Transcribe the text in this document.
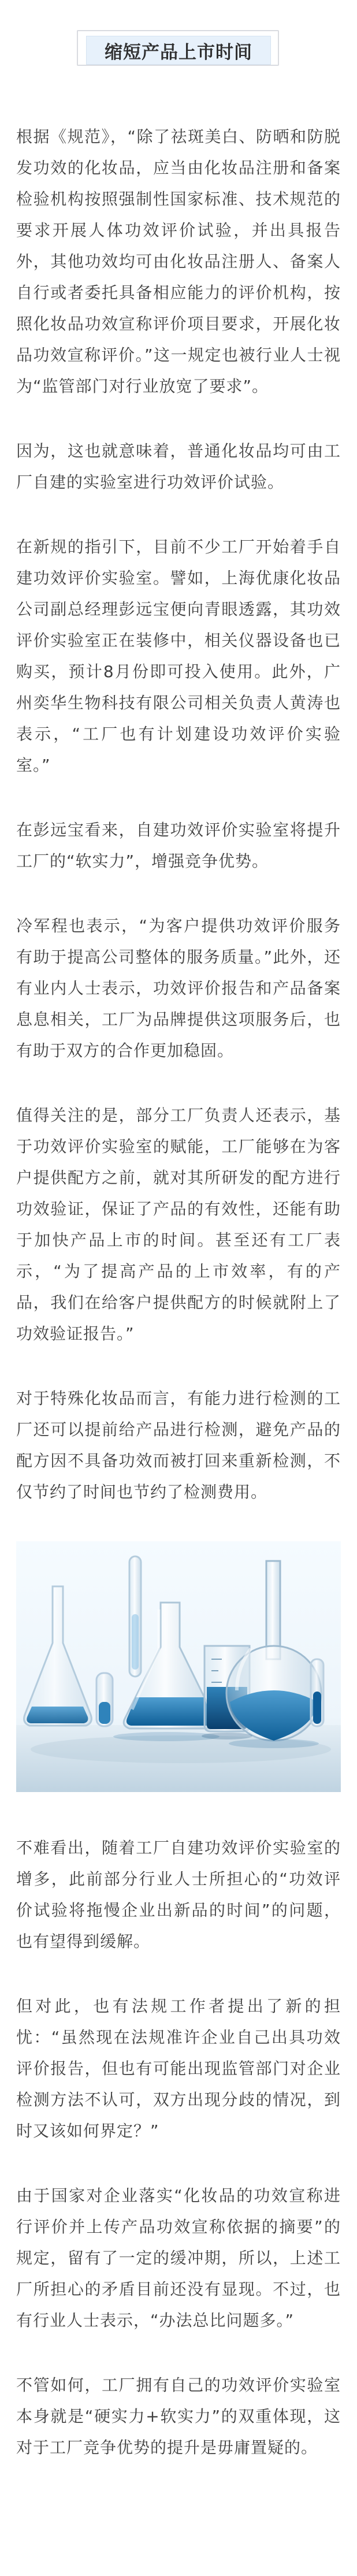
缩短产品上市时间

根据《规范》，“除了祛斑美白、防晒和防脱发功效的化妆品，应当由化妆品注册和备案检验机构按照强制性国家标准、技术规范的要求开展人体功效评价试验，并出具报告外，其他功效均可由化妆品注册人、备案人自行或者委托具备相应能力的评价机构，按照化妆品功效宣称评价项目要求，开展化妆品功效宣称评价。”这一规定也被行业人士视为“监管部门对行业放宽了要求”。

因为，这也就意味着，普通化妆品均可由工厂自建的实验室进行功效评价试验。

在新规的指引下，目前不少工厂开始着手自建功效评价实验室。譬如，上海优康化妆品公司副总经理彭远宝便向青眼透露，其功效评价实验室正在装修中，相关仪器设备也已购买，预计8月份即可投入使用。此外，广州奕华生物科技有限公司相关负责人黄涛也表示，“工厂也有计划建设功效评价实验室。”

在彭远宝看来，自建功效评价实验室将提升工厂的“软实力”，增强竞争优势。

冷军程也表示，“为客户提供功效评价服务有助于提高公司整体的服务质量。”此外，还有业内人士表示，功效评价报告和产品备案息息相关，工厂为品牌提供这项服务后，也有助于双方的合作更加稳固。

值得关注的是，部分工厂负责人还表示，基于功效评价实验室的赋能，工厂能够在为客户提供配方之前，就对其所研发的配方进行功效验证，保证了产品的有效性，还能有助于加快产品上市的时间。甚至还有工厂表示，“为了提高产品的上市效率，有的产品，我们在给客户提供配方的时候就附上了功效验证报告。”

对于特殊化妆品而言，有能力进行检测的工厂还可以提前给产品进行检测，避免产品的配方因不具备功效而被打回来重新检测，不仅节约了时间也节约了检测费用。

不难看出，随着工厂自建功效评价实验室的增多，此前部分行业人士所担心的“功效评价试验将拖慢企业出新品的时间”的问题，也有望得到缓解。

但对此，也有法规工作者提出了新的担忧：“虽然现在法规准许企业自己出具功效评价报告，但也有可能出现监管部门对企业检测方法不认可，双方出现分歧的情况，到时又该如何界定？”

由于国家对企业落实“化妆品的功效宣称进行评价并上传产品功效宣称依据的摘要”的规定，留有了一定的缓冲期，所以，上述工厂所担心的矛盾目前还没有显现。不过，也有行业人士表示，“办法总比问题多。”

不管如何，工厂拥有自己的功效评价实验室本身就是“硬实力+软实力”的双重体现，这对于工厂竞争优势的提升是毋庸置疑的。
